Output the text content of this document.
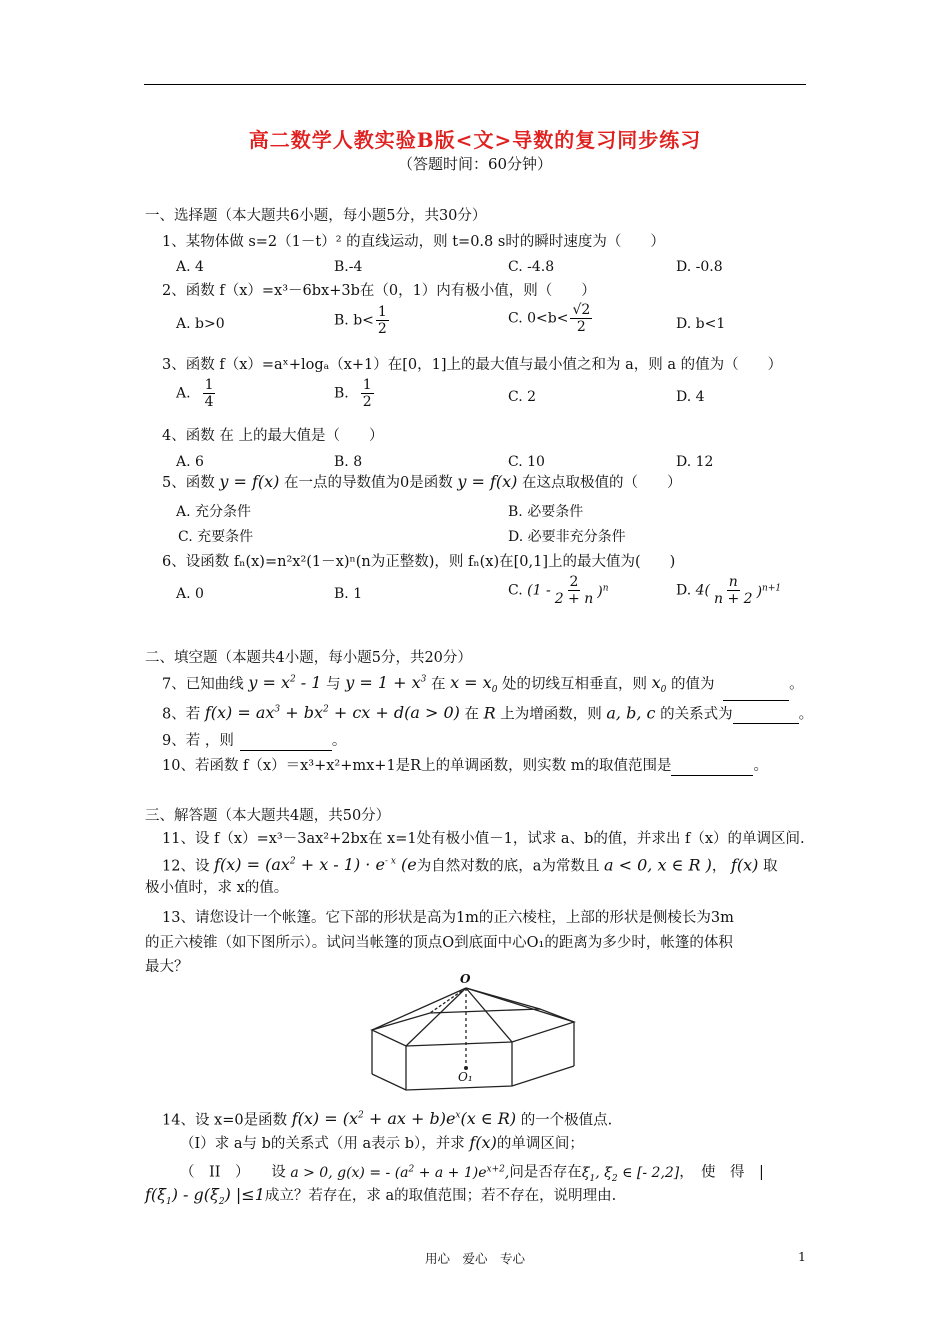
高二数学人教实验B版<文>导数的复习同步练习
（答题时间：60分钟）
一、选择题（本大题共6小题，每小题5分，共30分）
1、某物体做 s=2（1－t）² 的直线运动，则 t=0.8 s时的瞬时速度为（　　）
A. 4	B.-4	C. -4.8	D. -0.8
2、函数 f（x）=x³－6bx+3b在（0，1）内有极小值，则（　　）
A. b>0	B. $b< \frac{1}{2}$	C. $0<b< \frac{√2}{2}$	D. b<1
3、函数 f（x）=aˣ+logₐ（x+1）在[0，1]上的最大值与最小值之和为 a，则 a 的值为（　　）
A. $\frac{1}{4}$	B. $\frac{1}{2}$	C. 2	D. 4
4、函数 在 上的最大值是（　　）
A. 6	B. 8	C. 10	D. 12
5、函数 y = f(x) 在一点的导数值为0是函数 y = f(x) 在这点取极值的（　　）
A. 充分条件	B. 必要条件
C. 充要条件	D. 必要非充分条件
6、设函数 fₙ(x)=n²x²(1－x)ⁿ(n为正整数)，则 fₙ(x)在[0,1]上的最大值为(　　)
A. 0	B. 1	C. $(1 - \frac{2}{2 + n} )^n$	D. $4( \frac{n}{n + 2} )^{n+1}$
二、填空题（本题共4小题，每小题5分，共20分）
7、已知曲线 $y = x^2 - 1$ 与 $y = 1 + x^3$ 在 $x = x_0$ 处的切线互相垂直，则 $x_0$ 的值为	。
8、若 $f(x) = ax^3 + bx^2$ + cx + d(a > 0) 在 R 上为增函数，则 a, b, c 的关系式为	。
9、若 ，则	。
10、若函数 f（x）＝x³+x²+mx+1是R上的单调函数，则实数 m的取值范围是	。
三、解答题（本大题共4题，共50分）
11、设 f（x）=x³－3ax²+2bx在 x=1处有极小值－1，试求 a、b的值，并求出 f（x）的单调区间.
12、设 $f(x) = (ax^2 + x - 1) \cdot e^{- x}$ (e为自然对数的底，a为常数且 a < 0, x ∈ R )， f(x) 取
极小值时，求 x的值。
13、请您设计一个帐篷。它下部的形状是高为1m的正六棱柱，上部的形状是侧棱长为3m
的正六棱锥（如下图所示）。试问当帐篷的顶点O到底面中心O₁的距离为多少时，帐篷的体积
最大？
O
O₁
14、设 x=0是函数 $f(x) = (x^2$ + ax + $b)e^x(x$ ∈ R) 的一个极值点.
（I）求 a与 b的关系式（用 a表示 b），并求 f(x)的单调区间；
（　II　）　　设 a > 0, g(x) = - $(a^2 + a + 1)e^{x+2}$,问是否存在$\xi_1$, $\xi_2$ ∈ [- 2,2]，　使　得　|
$f(\xi_1) - g(\xi_2)$ |≤1成立？若存在，求 a的取值范围；若不存在，说明理由.
用心　爱心　专心	1
